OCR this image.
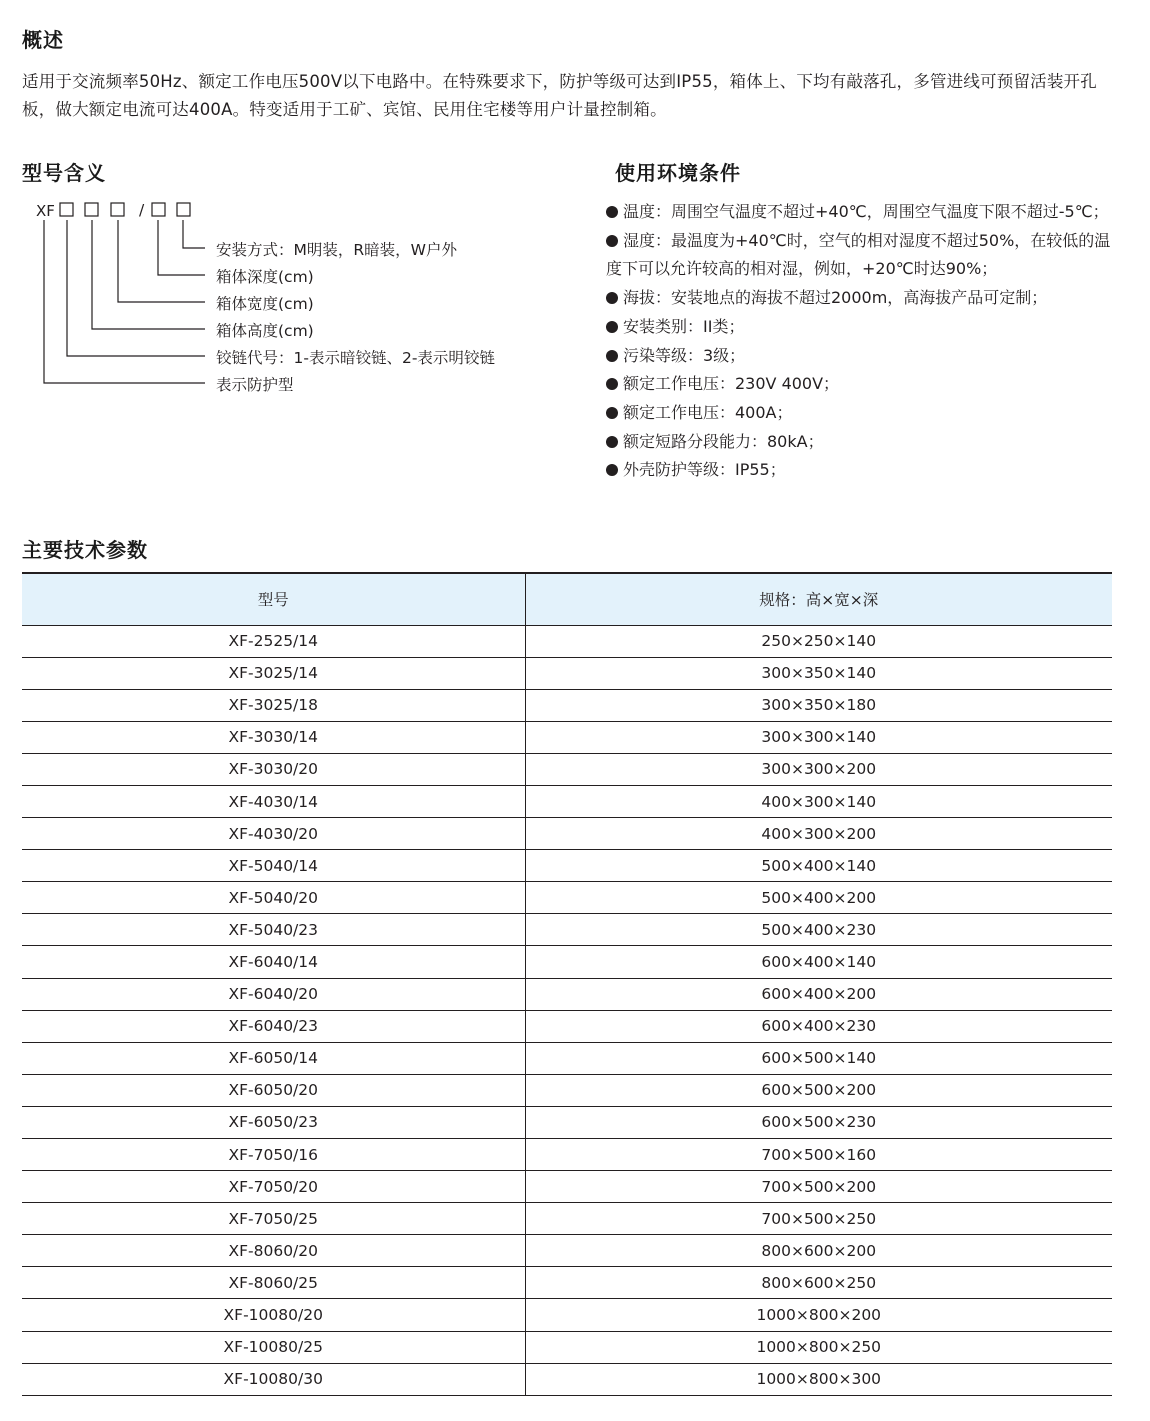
概述
适用于交流频率50Hz、额定工作电压500V以下电路中。在特殊要求下，防护等级可达到IP55，箱体上、下均有敲落孔，多管进线可预留活装开孔板，做大额定电流可达400A。特变适用于工矿、宾馆、民用住宅楼等用户计量控制箱。
型号含义
XF	/
安装方式：M明装，R暗装，W户外
箱体深度(cm)
箱体宽度(cm)
箱体高度(cm)
铰链代号：1-表示暗铰链、2-表示明铰链
表示防护型
使用环境条件
温度：周围空气温度不超过+40℃，周围空气温度下限不超过-5℃；
湿度：最温度为+40℃时，空气的相对湿度不超过50%，在较低的温度下可以允许较高的相对湿，例如，+20℃时达90%；
海拔：安装地点的海拔不超过2000m，高海拔产品可定制；
安装类别：II类；
污染等级：3级；
额定工作电压：230V 400V；
额定工作电压：400A；
额定短路分段能力：80kA；
外壳防护等级：IP55；
主要技术参数
型号	规格：高×宽×深
XF-2525/14	250×250×140
XF-3025/14	300×350×140
XF-3025/18	300×350×180
XF-3030/14	300×300×140
XF-3030/20	300×300×200
XF-4030/14	400×300×140
XF-4030/20	400×300×200
XF-5040/14	500×400×140
XF-5040/20	500×400×200
XF-5040/23	500×400×230
XF-6040/14	600×400×140
XF-6040/20	600×400×200
XF-6040/23	600×400×230
XF-6050/14	600×500×140
XF-6050/20	600×500×200
XF-6050/23	600×500×230
XF-7050/16	700×500×160
XF-7050/20	700×500×200
XF-7050/25	700×500×250
XF-8060/20	800×600×200
XF-8060/25	800×600×250
XF-10080/20	1000×800×200
XF-10080/25	1000×800×250
XF-10080/30	1000×800×300
